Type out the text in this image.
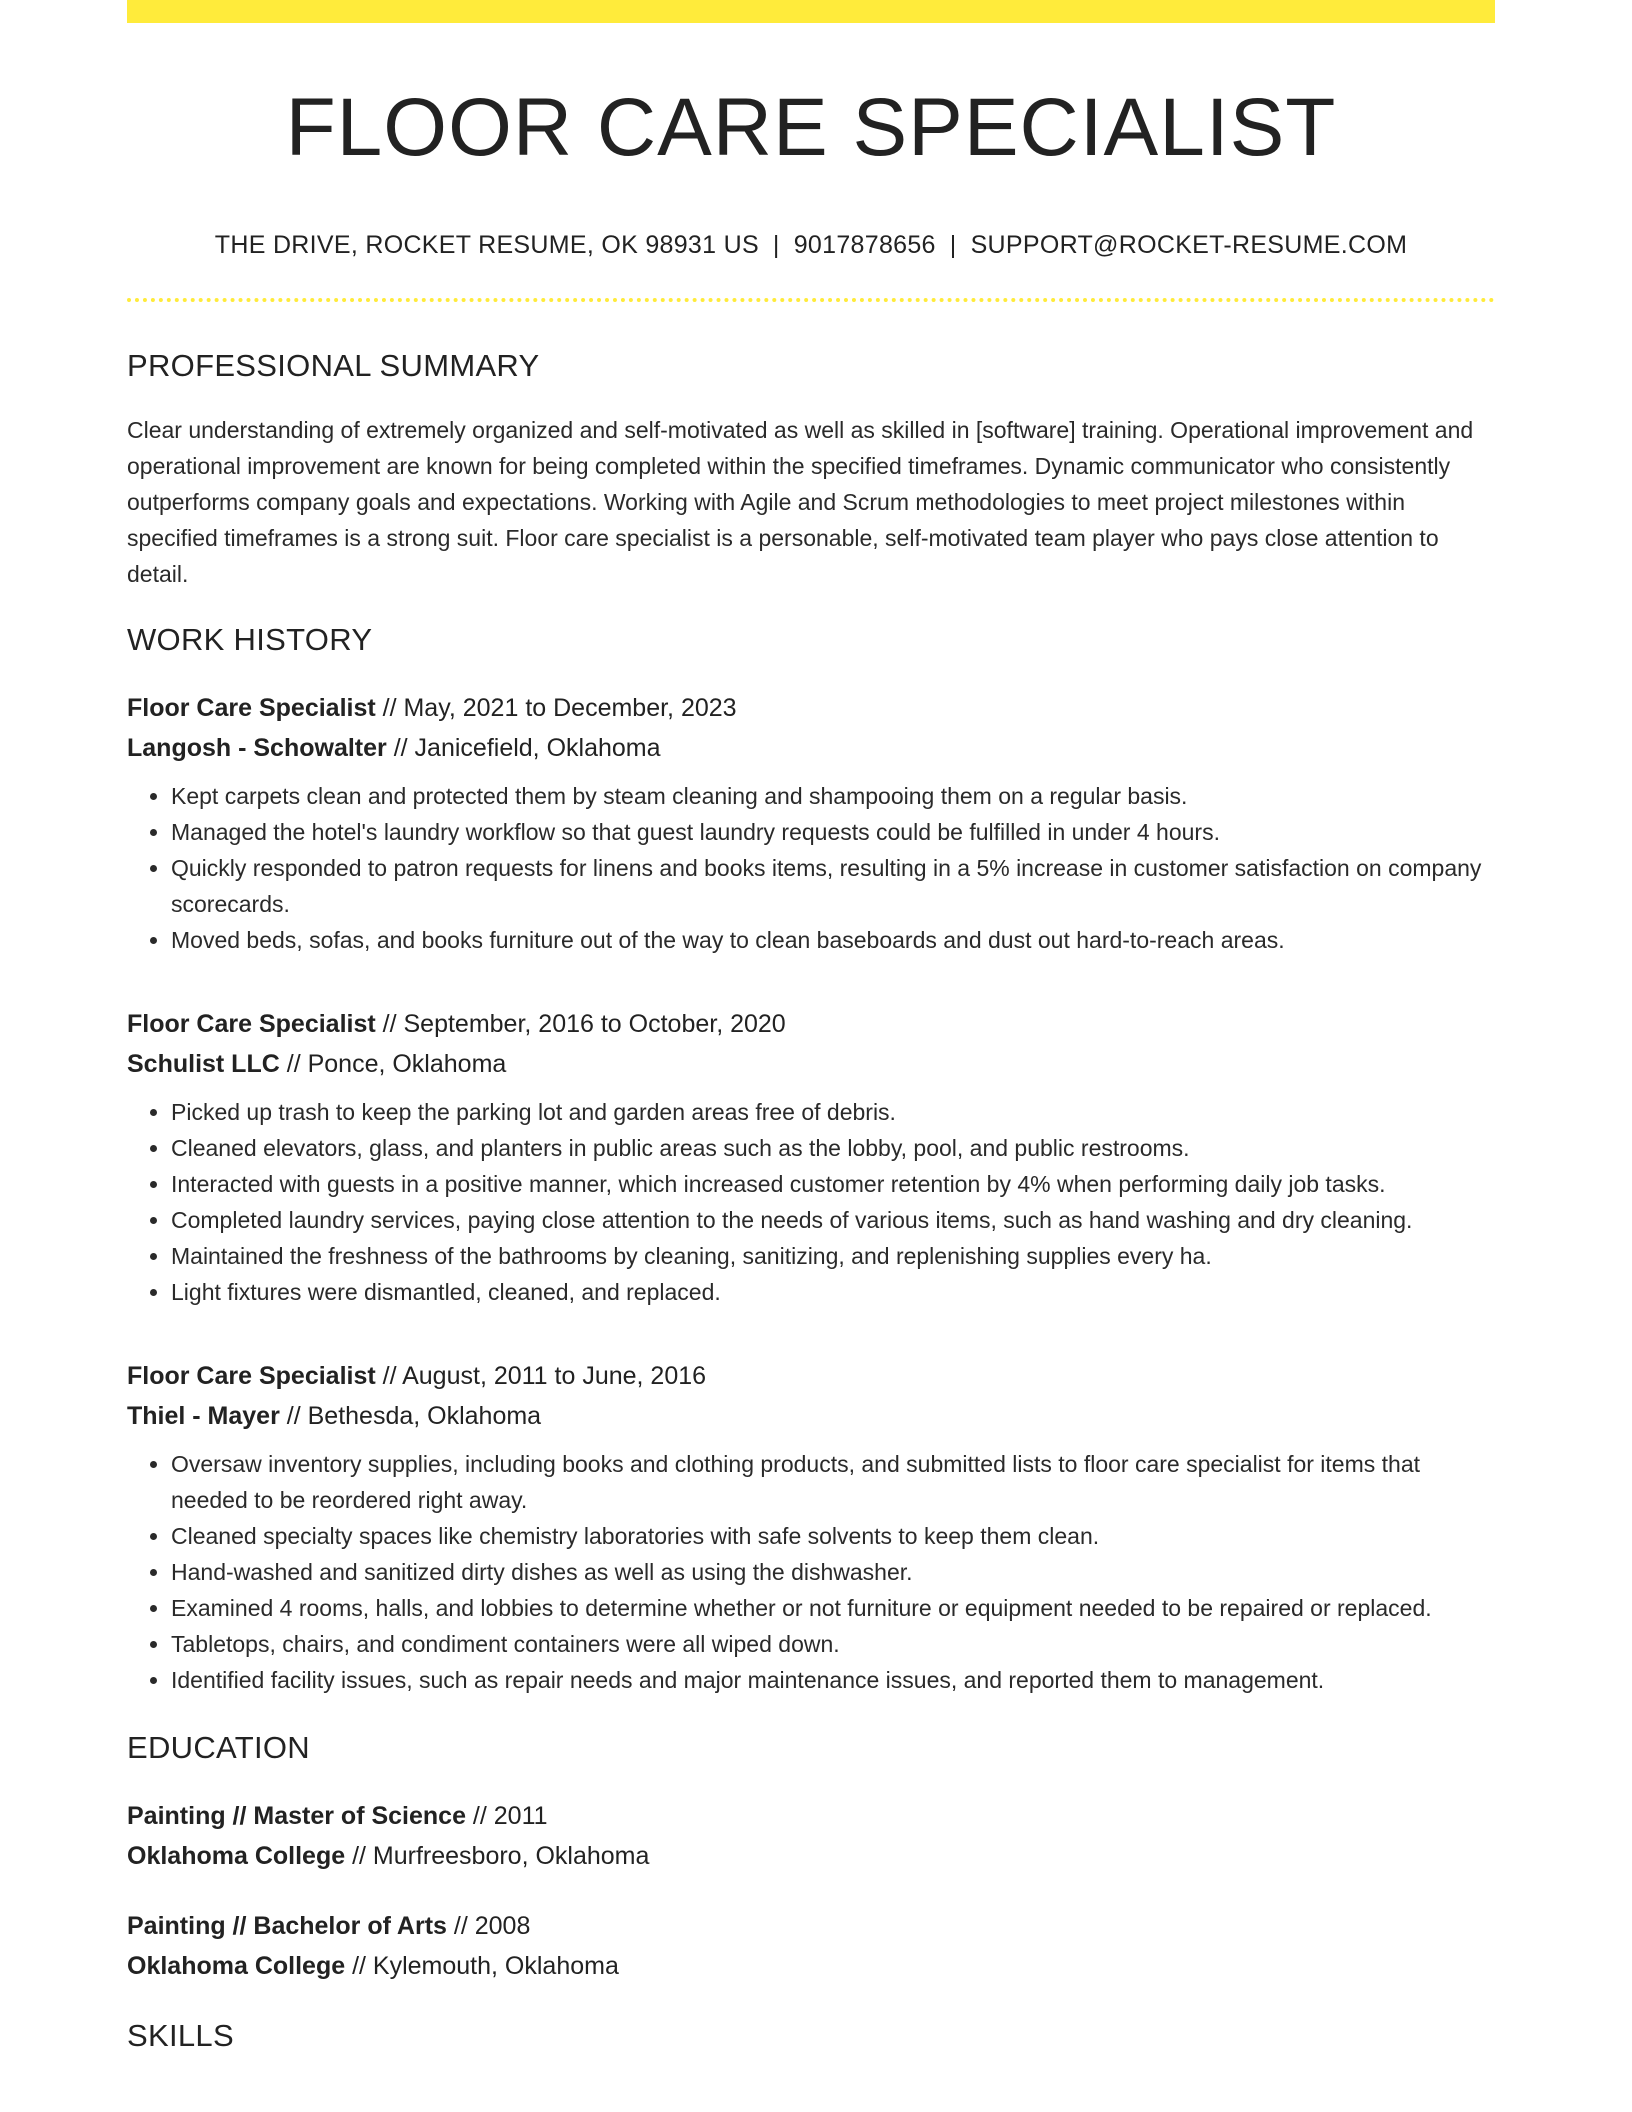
FLOOR CARE SPECIALIST
THE DRIVE, ROCKET RESUME, OK 98931 US | 9017878656 | SUPPORT@ROCKET-RESUME.COM
PROFESSIONAL SUMMARY
Clear understanding of extremely organized and self-motivated as well as skilled in [software] training. Operational improvement and operational improvement are known for being completed within the specified timeframes. Dynamic communicator who consistently outperforms company goals and expectations. Working with Agile and Scrum methodologies to meet project milestones within specified timeframes is a strong suit. Floor care specialist is a personable, self-motivated team player who pays close attention to detail.
WORK HISTORY
Floor Care Specialist // May, 2021 to December, 2023
Langosh - Schowalter // Janicefield, Oklahoma
• Kept carpets clean and protected them by steam cleaning and shampooing them on a regular basis.
• Managed the hotel's laundry workflow so that guest laundry requests could be fulfilled in under 4 hours.
• Quickly responded to patron requests for linens and books items, resulting in a 5% increase in customer satisfaction on company scorecards.
• Moved beds, sofas, and books furniture out of the way to clean baseboards and dust out hard-to-reach areas.
Floor Care Specialist // September, 2016 to October, 2020
Schulist LLC // Ponce, Oklahoma
• Picked up trash to keep the parking lot and garden areas free of debris.
• Cleaned elevators, glass, and planters in public areas such as the lobby, pool, and public restrooms.
• Interacted with guests in a positive manner, which increased customer retention by 4% when performing daily job tasks.
• Completed laundry services, paying close attention to the needs of various items, such as hand washing and dry cleaning.
• Maintained the freshness of the bathrooms by cleaning, sanitizing, and replenishing supplies every ha.
• Light fixtures were dismantled, cleaned, and replaced.
Floor Care Specialist // August, 2011 to June, 2016
Thiel - Mayer // Bethesda, Oklahoma
• Oversaw inventory supplies, including books and clothing products, and submitted lists to floor care specialist for items that needed to be reordered right away.
• Cleaned specialty spaces like chemistry laboratories with safe solvents to keep them clean.
• Hand-washed and sanitized dirty dishes as well as using the dishwasher.
• Examined 4 rooms, halls, and lobbies to determine whether or not furniture or equipment needed to be repaired or replaced.
• Tabletops, chairs, and condiment containers were all wiped down.
• Identified facility issues, such as repair needs and major maintenance issues, and reported them to management.
EDUCATION
Painting // Master of Science // 2011
Oklahoma College // Murfreesboro, Oklahoma
Painting // Bachelor of Arts // 2008
Oklahoma College // Kylemouth, Oklahoma
SKILLS
